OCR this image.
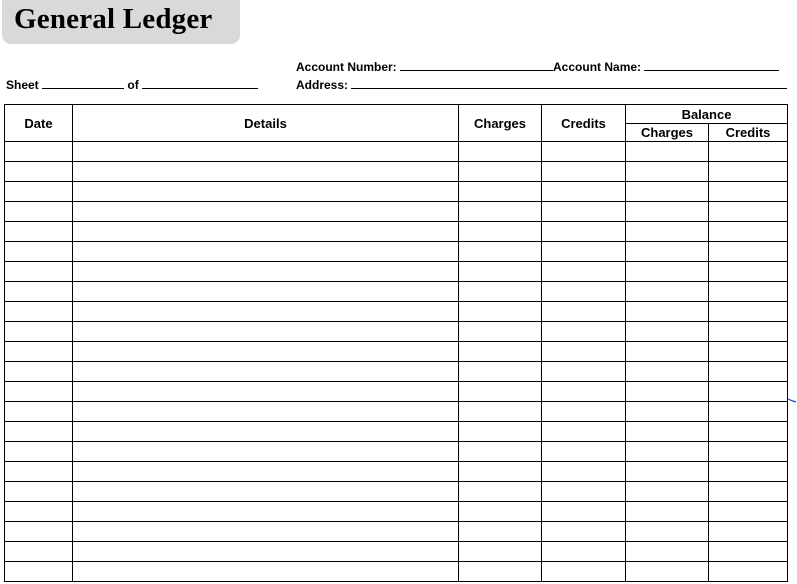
General Ledger
Account Number:	Account Name:
Sheet	of	Address:
Date	Details	Charges	Credits	Balance	
				Charges	Credits
